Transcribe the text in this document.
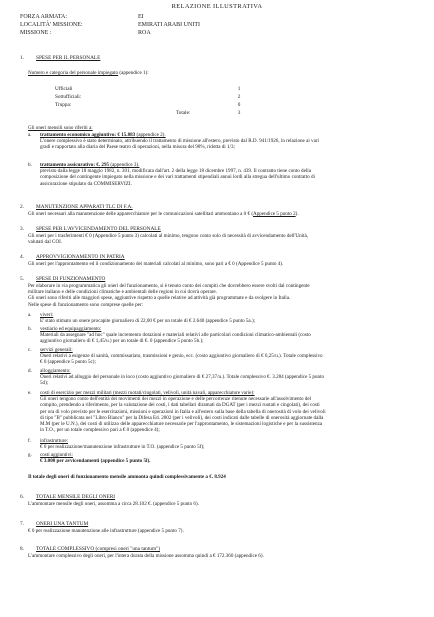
RELAZIONE ILLUSTRATIVA
FORZA ARMATA:	EI
LOCALITÀ' MISSIONE:	EMIRATI ARABI UNITI
MISSIONE :	ROA
1. SPESE PER IL PERSONALE
Numero e categoria del personale impiegato (appendice 1):
Ufficiali	1
Sottufficiali:	2
Truppa:	0
Totale:	3
Gli oneri mensili sono riferiti a:
a. trattamento economico aggiuntivo: € 15.883 (appendice 2).
L'onere complessivo è stato determinato, attribuendo il trattamento di missione all'estero, previsto dal R.D. 941/1926, in relazione ai vari
gradi e rapportato alla diaria del Paese teatro di operazioni, nella misura del 98%, ridotta di 1/3;
b. trattamento assicurativo: €. 295 (appendice 3).
previsto dalla legge 18 maggio 1982, n. 301, modificata dall'art. 2 della legge 18 dicembre 1997, n. 439. Il contratto tiene conto della
composizione del contingente impiegato nella missione e dei vari trattamenti stipendiali annui lordi alla stregua dell'ultimo contratto di
assicurazione stipulato da COMMISERVIZI.
2. MANUTENZIONE APPARATI TLC DI F.A.
Gli oneri necessari alla manutenzione delle apparecchiature per le comunicazioni satellitari ammontano a 0 € (Appendice 5 punto 2).
3. SPESE PER L'AVVICENDAMENTO DEL PERSONALE
Gli oneri per i trasferimenti € 0 (Appendice 5 punto 3) calcolati al minimo, tengono conto solo di necessità di avvicendamento dell'Unità,
valutati dal COI.
4. APPROVVIGIONAMENTO IN PATRIA
Gli oneri per l'approntamento ed il condizionamento dei materiali calcolati al minimo, sono pari a € 0 (Appendice 5 punto 4).
5. SPESE DI FUNZIONAMENTO
Per elaborare in via programmatica gli oneri del funzionamento, si è tenuto conto dei compiti che dovrebbero essere svolti dal contingente
militare italiano e delle condizioni climatiche e ambientali delle regioni in cui dovrà operare.
Gli oneri sono riferiti alle maggiori spese, aggiuntive rispetto a quelle relative ad attività già programmate e da svolgere in Italia.
Nelle spese di funzionamento sono comprese quelle per:
a. viveri:
E' stato stimato un onere procapite giornaliero di 22,00 € per un totale di € 2.640 (appendice 5 punto 5a.);
b. vestiario ed equipaggiamento:
Materiali da assegnare "ad hoc" quale incremento dotazioni e materiali relativi alle particolari condizioni climatico-ambientali (costo
aggiuntivo giornaliero di € 1,45/u.) per un totale di €. 0 (appendice 5 punto 5b.);
c. servizi generali:
Oneri relativi a esigenze di sanità, commissariato, trasmissioni e genio, ecc. (costo aggiuntivo giornaliero di € 6,25/u.). Totale complessivo
€ 0 (appendice 5 punto 5c);
d. alloggiamento:
Oneri relativi ad alloggio del personale in loco (costo aggiuntivo giornaliero di € 27,37/u.). Totale complessivo €. 3.284 (appendice 5 punto
5d);
e. costi di esercizio per mezzi militari (mezzi ruotati/cingolati, velivoli, unità navali, apparecchiature varie):
Gli oneri tengono conto dell'entità dei movimenti dei mezzi in operazione e delle percorrenze ritenute necessarie all'assolvimento del
compito, prendendo a riferimento, per la valutazione dei costi, i dati tabellari diramati da DGAT (per i mezzi ruotati e cingolati), dei costi
per ora di volo previsto per le esercitazioni, missioni e operazioni in Italia e all'estero sulla base della tabella di onerosità di volo dei velivoli
di tipo "B" pubblicata nel "Libro Bianco" per la Difesa Ed. 2002 (per i velivoli), dei costi indicati dalle tabelle di onerosità aggiornate dalla
M.M (per le U.N.), dei costi di utilizzo delle apparecchiature necessarie per l'approntamento, le sistemazioni logistiche e per la sussistenza
in T.O., per un totale complessivo pari a € 0 (appendice 4);
f. infrastrutture:
€ 0 per realizzazione/manutenzione infrastrutture in T.O. (appendice 5 punto 5f);
g. costi aggiuntivi:
€ 3.000 per avvicendamenti (appendice 5 punto 5l).
Il totale degli oneri di funzionamento mensile ammonta quindi complessivamente a €. 8.924
6. TOTALE MENSILE DEGLI ONERI
L'ammontare mensile degli oneri, assomma a circa 28.102 €. (appendice 5 punto 6).
7. ONERI UNA TANTUM
€ 0 per realizzazione manutenzione alle infrastrutture (appendice 5 punto 7).
8. TOTALE COMPLESSIVO (compresi oneri "una tantum")
L'ammontare complessivo degli oneri, per l'intera durata della missione assomma quindi a € 172.360 (appendice 6).
